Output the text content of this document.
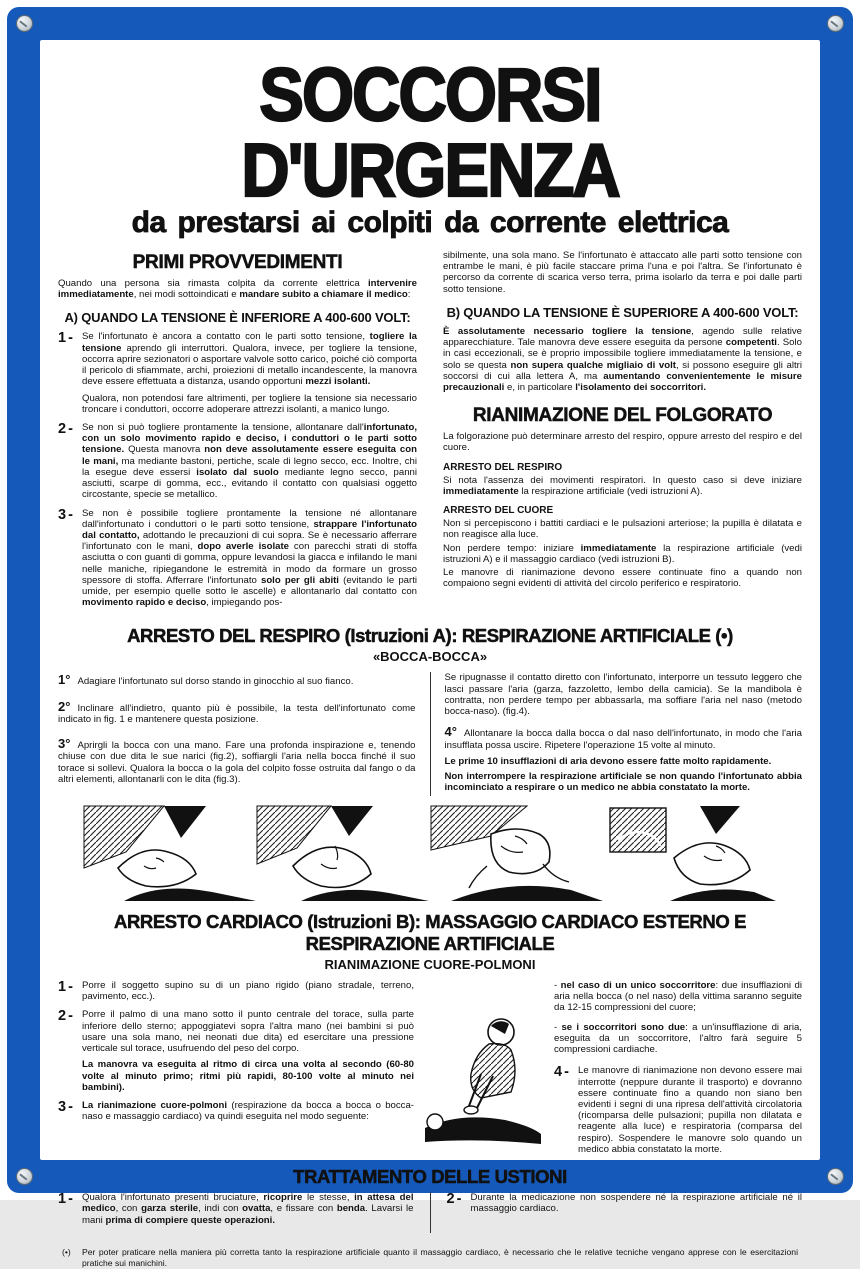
SOCCORSI D'URGENZA
da prestarsi ai colpiti da corrente elettrica
PRIMI PROVVEDIMENTI

Quando una persona sia rimasta colpita da corrente elettrica intervenire immediatamente, nei modi sottoindicati e mandare subito a chiamare il medico:

A) QUANDO LA TENSIONE È INFERIORE A 400-600 VOLT:
1 -	Se l'infortunato è ancora a contatto con le parti sotto tensione, togliere la tensione aprendo gli interruttori. Qualora, invece, per togliere la tensione, occorra aprire sezionatori o asportare valvole sotto carico, poiché ciò comporta il pericolo di sfiammate, archi, proiezioni di metallo incandescente, la manovra deve essere effettuata a distanza, usando opportuni mezzi isolanti.

Qualora, non potendosi fare altrimenti, per togliere la tensione sia necessario troncare i conduttori, occorre adoperare attrezzi isolanti, a manico lungo.

2 -	Se non si può togliere prontamente la tensione, allontanare dall'infortunato, con un solo movimento rapido e deciso, i conduttori o le parti sotto tensione. Questa manovra non deve assolutamente essere eseguita con le mani, ma mediante bastoni, pertiche, scale di legno secco, ecc. Inoltre, chi la esegue deve essersi isolato dal suolo mediante legno secco, panni asciutti, scarpe di gomma, ecc., evitando il contatto con qualsiasi oggetto circostante, specie se metallico.

3 -	Se non è possibile togliere prontamente la tensione né allontanare dall'infortunato i conduttori o le parti sotto tensione, strappare l'infortunato dal contatto, adottando le precauzioni di cui sopra. Se è necessario afferrare l'infortunato con le mani, dopo averle isolate con parecchi strati di stoffa asciutta o con guanti di gomma, oppure levandosi la giacca e infilando le mani nelle maniche, ripiegandone le estremità in modo da formare un grosso spessore di stoffa. Afferrare l'infortunato solo per gli abiti (evitando le parti umide, per esempio quelle sotto le ascelle) e allontanarlo dal contatto con movimento rapido e deciso, impiegando pos-

sibilmente, una sola mano. Se l'infortunato è attaccato alle parti sotto tensione con entrambe le mani, è più facile staccare prima l'una e poi l'altra. Se l'infortunato è percorso da corrente di scarica verso terra, prima isolarlo da terra e poi dalle parti sotto tensione.

B) QUANDO LA TENSIONE È SUPERIORE A 400-600 VOLT:

È assolutamente necessario togliere la tensione, agendo sulle relative apparecchiature. Tale manovra deve essere eseguita da persone competenti. Solo in casi eccezionali, se è proprio impossibile togliere immediatamente la tensione, e solo se questa non supera qualche migliaio di volt, si possono eseguire gli altri soccorsi di cui alla lettera A, ma aumentando convenientemente le misure precauzionali e, in particolare l'isolamento dei soccorritori.

RIANIMAZIONE DEL FOLGORATO

La folgorazione può determinare arresto del respiro, oppure arresto del respiro e del cuore.

ARRESTO DEL RESPIRO

Si nota l'assenza dei movimenti respiratori. In questo caso si deve iniziare immediatamente la respirazione artificiale (vedi istruzioni A).

ARRESTO DEL CUORE

Non si percepiscono i battiti cardiaci e le pulsazioni arteriose; la pupilla è dilatata e non reagisce alla luce.

Non perdere tempo: iniziare immediatamente la respirazione artificiale (vedi istruzioni A) e il massaggio cardiaco (vedi istruzioni B).

Le manovre di rianimazione devono essere continuate fino a quando non compaiono segni evidenti di attività del circolo periferico e respiratorio.

ARRESTO DEL RESPIRO (Istruzioni A): RESPIRAZIONE ARTIFICIALE (•)
«BOCCA-BOCCA»

1° Adagiare l'infortunato sul dorso stando in ginocchio al suo fianco.

2° Inclinare all'indietro, quanto più è possibile, la testa dell'infortunato come indicato in fig. 1 e mantenere questa posizione.

3° Aprirgli la bocca con una mano. Fare una profonda inspirazione e, tenendo chiuse con due dita le sue narici (fig.2), soffiargli l'aria nella bocca finché il suo torace si sollevi. Qualora la bocca o la gola del colpito fosse ostruita dal fango o da altri elementi, allontanarli con le dita (fig.3).

Se ripugnasse il contatto diretto con l'infortunato, interporre un tessuto leggero che lasci passare l'aria (garza, fazzoletto, lembo della camicia). Se la mandibola è contratta, non perdere tempo per abbassarla, ma soffiare l'aria nel naso (metodo bocca-naso). (fig.4).

4° Allontanare la bocca dalla bocca o dal naso dell'infortunato, in modo che l'aria insufflata possa uscire. Ripetere l'operazione 15 volte al minuto.

Le prime 10 insufflazioni di aria devono essere fatte molto rapidamente.

Non interrompere la respirazione artificiale se non quando l'infortunato abbia incominciato a respirare o un medico ne abbia constatato la morte.

ARRESTO CARDIACO (Istruzioni B): MASSAGGIO CARDIACO ESTERNO E RESPIRAZIONE ARTIFICIALE
RIANIMAZIONE CUORE-POLMONI
1 -	Porre il soggetto supino su di un piano rigido (piano stradale, terreno, pavimento, ecc.).

2 -	Porre il palmo di una mano sotto il punto centrale del torace, sulla parte inferiore dello sterno; appoggiatevi sopra l'altra mano (nei bambini si può usare una sola mano, nei neonati due dita) ed esercitare una pressione verticale sul torace, usufruendo del peso del corpo.

La manovra va eseguita al ritmo di circa una volta al secondo (60-80 volte al minuto primo; ritmi più rapidi, 80-100 volte al minuto nei bambini).

3 -	La rianimazione cuore-polmoni (respirazione da bocca a bocca o bocca-naso e massaggio cardiaco) va quindi eseguita nel modo seguente:

- nel caso di un unico soccorritore: due insufflazioni di aria nella bocca (o nel naso) della vittima saranno seguite da 12-15 compressioni del cuore;

- se i soccorritori sono due: a un'insufflazione di aria, eseguita da un soccorritore, l'altro farà seguire 5 compressioni cardiache.

4 -	Le manovre di rianimazione non devono essere mai interrotte (neppure durante il trasporto) e dovranno essere continuate fino a quando non siano ben evidenti i segni di una ripresa dell'attività circolatoria (ricomparsa delle pulsazioni; pupilla non dilatata e reagente alla luce) e respiratoria (comparsa del respiro). Sospendere le manovre solo quando un medico abbia constatato la morte.

TRATTAMENTO DELLE USTIONI
1 -	Qualora l'infortunato presenti bruciature, ricoprire le stesse, in attesa del medico, con garza sterile, indi con ovatta, e fissare con benda. Lavarsi le mani prima di compiere queste operazioni.

2 -	Durante la medicazione non sospendere né la respirazione artificiale né il massaggio cardiaco.

(•)	Per poter praticare nella maniera più corretta tanto la respirazione artificiale quanto il massaggio cardiaco, è necessario che le relative tecniche vengano apprese con le esercitazioni pratiche sui manichini.
